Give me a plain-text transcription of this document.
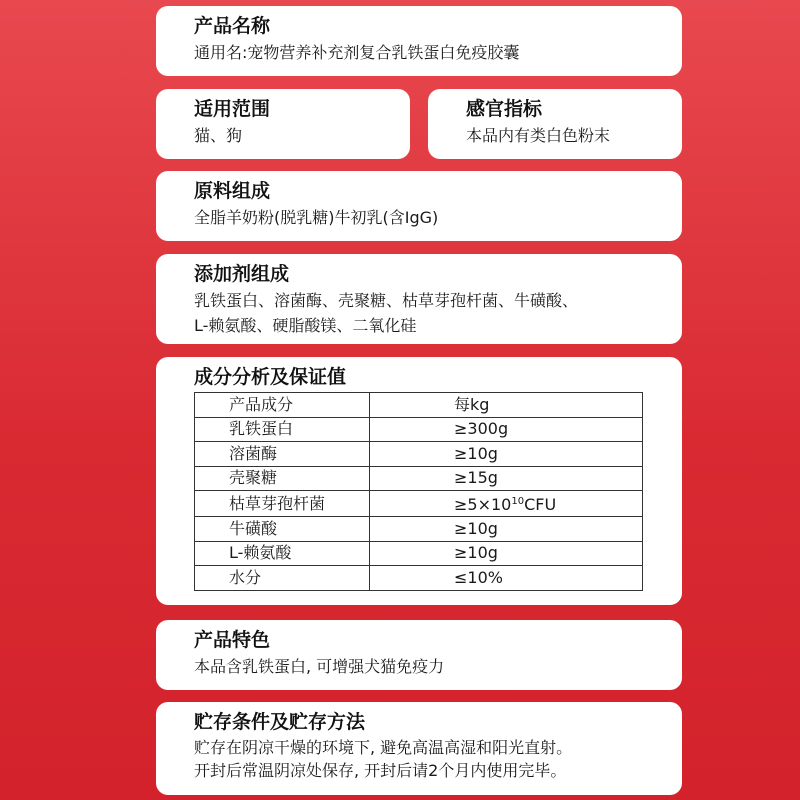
产品名称

通用名:宠物营养补充剂复合乳铁蛋白免疫胶囊

适用范围

猫、狗

感官指标

本品内有类白色粉末

原料组成

全脂羊奶粉(脱乳糖)牛初乳(含IgG)

添加剂组成

乳铁蛋白、溶菌酶、壳聚糖、枯草芽孢杆菌、牛磺酸、

L-赖氨酸、硬脂酸镁、二氧化硅

成分分析及保证值
产品成分	每kg
乳铁蛋白	≥300g
溶菌酶	≥10g
壳聚糖	≥15g
枯草芽孢杆菌	$\ge 5\times 10^{10}CFU$
牛磺酸	≥10g
L-赖氨酸	≥10g
水分	≤10%
产品特色

本品含乳铁蛋白, 可增强犬猫免疫力

贮存条件及贮存方法

贮存在阴凉干燥的环境下, 避免高温高湿和阳光直射。

开封后常温阴凉处保存, 开封后请2个月内使用完毕。
